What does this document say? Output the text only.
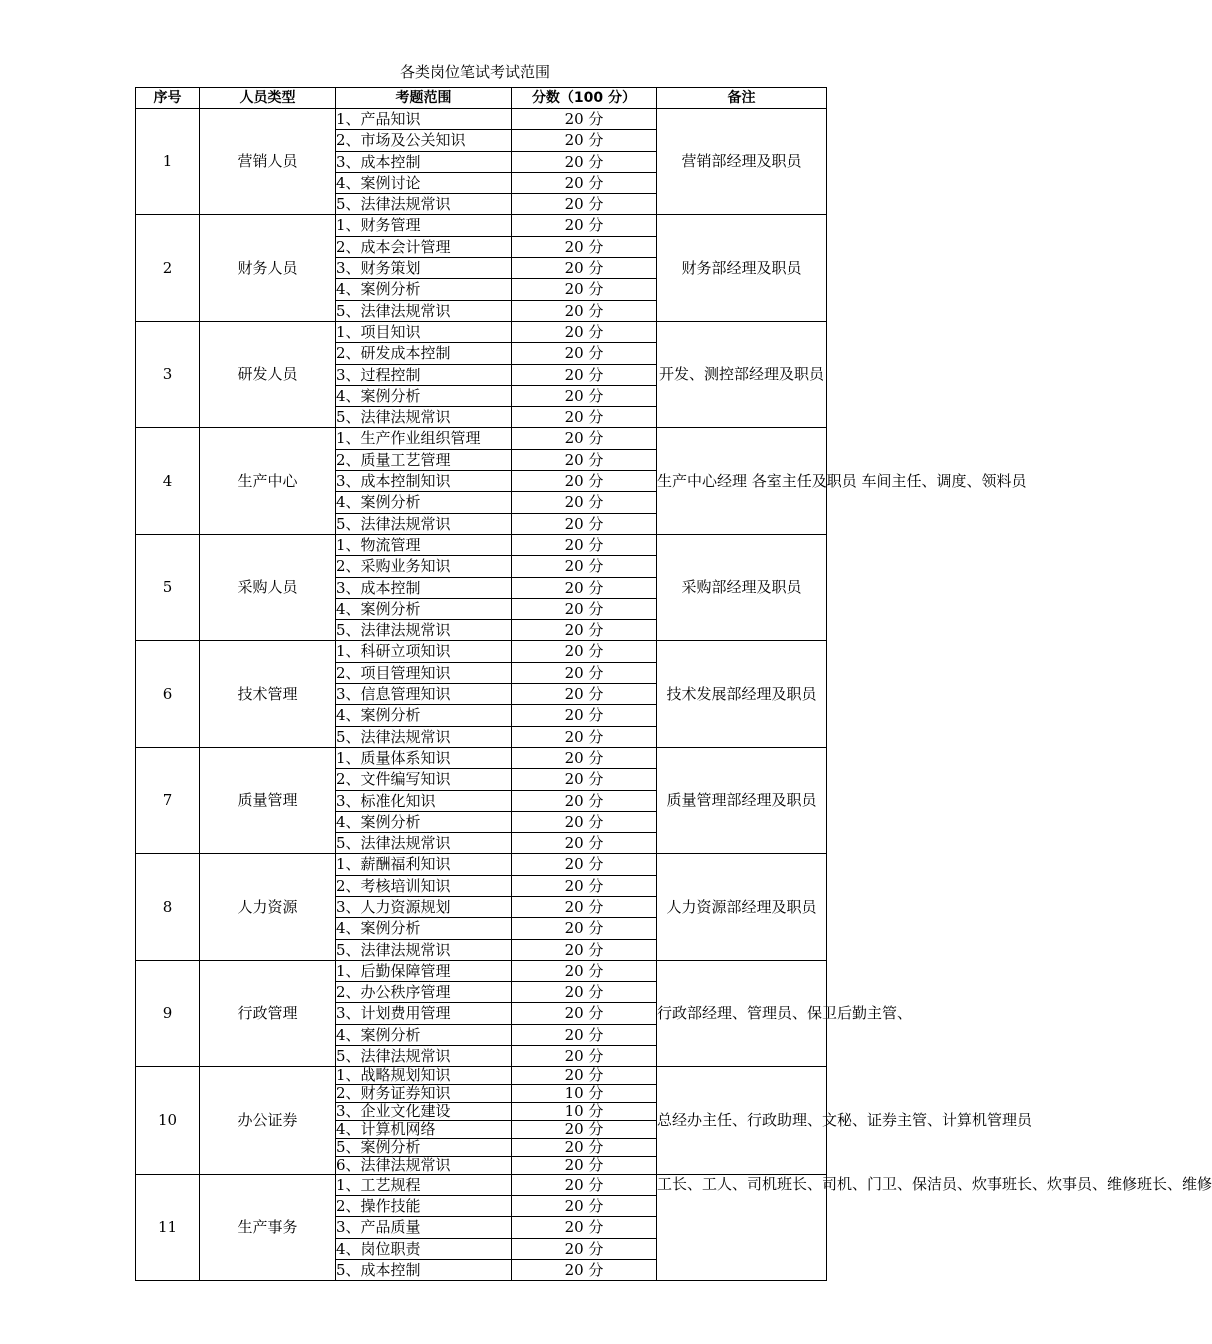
各类岗位笔试考试范围
序号	人员类型	考题范围	分数（100 分）	备注
1	营销人员	1、产品知识	20 分	营销部经理及职员
		2、市场及公关知识	20 分	
		3、成本控制	20 分	
		4、案例讨论	20 分	
		5、法律法规常识	20 分	
2	财务人员	1、财务管理	20 分	财务部经理及职员
		2、成本会计管理	20 分	
		3、财务策划	20 分	
		4、案例分析	20 分	
		5、法律法规常识	20 分	
3	研发人员	1、项目知识	20 分	开发、测控部经理及职员
		2、研发成本控制	20 分	
		3、过程控制	20 分	
		4、案例分析	20 分	
		5、法律法规常识	20 分	
4	生产中心	1、生产作业组织管理	20 分	生产中心经理 各室主任及职员 车间主任、调度、领料员
		2、质量工艺管理	20 分	
		3、成本控制知识	20 分	
		4、案例分析	20 分	
		5、法律法规常识	20 分	
5	采购人员	1、物流管理	20 分	采购部经理及职员
		2、采购业务知识	20 分	
		3、成本控制	20 分	
		4、案例分析	20 分	
		5、法律法规常识	20 分	
6	技术管理	1、科研立项知识	20 分	技术发展部经理及职员
		2、项目管理知识	20 分	
		3、信息管理知识	20 分	
		4、案例分析	20 分	
		5、法律法规常识	20 分	
7	质量管理	1、质量体系知识	20 分	质量管理部经理及职员
		2、文件编写知识	20 分	
		3、标准化知识	20 分	
		4、案例分析	20 分	
		5、法律法规常识	20 分	
8	人力资源	1、薪酬福利知识	20 分	人力资源部经理及职员
		2、考核培训知识	20 分	
		3、人力资源规划	20 分	
		4、案例分析	20 分	
		5、法律法规常识	20 分	
9	行政管理	1、后勤保障管理	20 分	行政部经理、管理员、保卫后勤主管、
		2、办公秩序管理	20 分	
		3、计划费用管理	20 分	
		4、案例分析	20 分	
		5、法律法规常识	20 分	
10	办公证券	1、战略规划知识	20 分	总经办主任、行政助理、文秘、证券主管、计算机管理员
		2、财务证券知识	10 分	
		3、企业文化建设	10 分	
		4、计算机网络	20 分	
		5、案例分析	20 分	
		6、法律法规常识	20 分	
11	生产事务	1、工艺规程	20 分	工长、工人、司机班长、司机、门卫、保洁员、炊事班长、炊事员、维修班长、维修
		2、操作技能	20 分	
		3、产品质量	20 分	
		4、岗位职责	20 分	
		5、成本控制	20 分	
